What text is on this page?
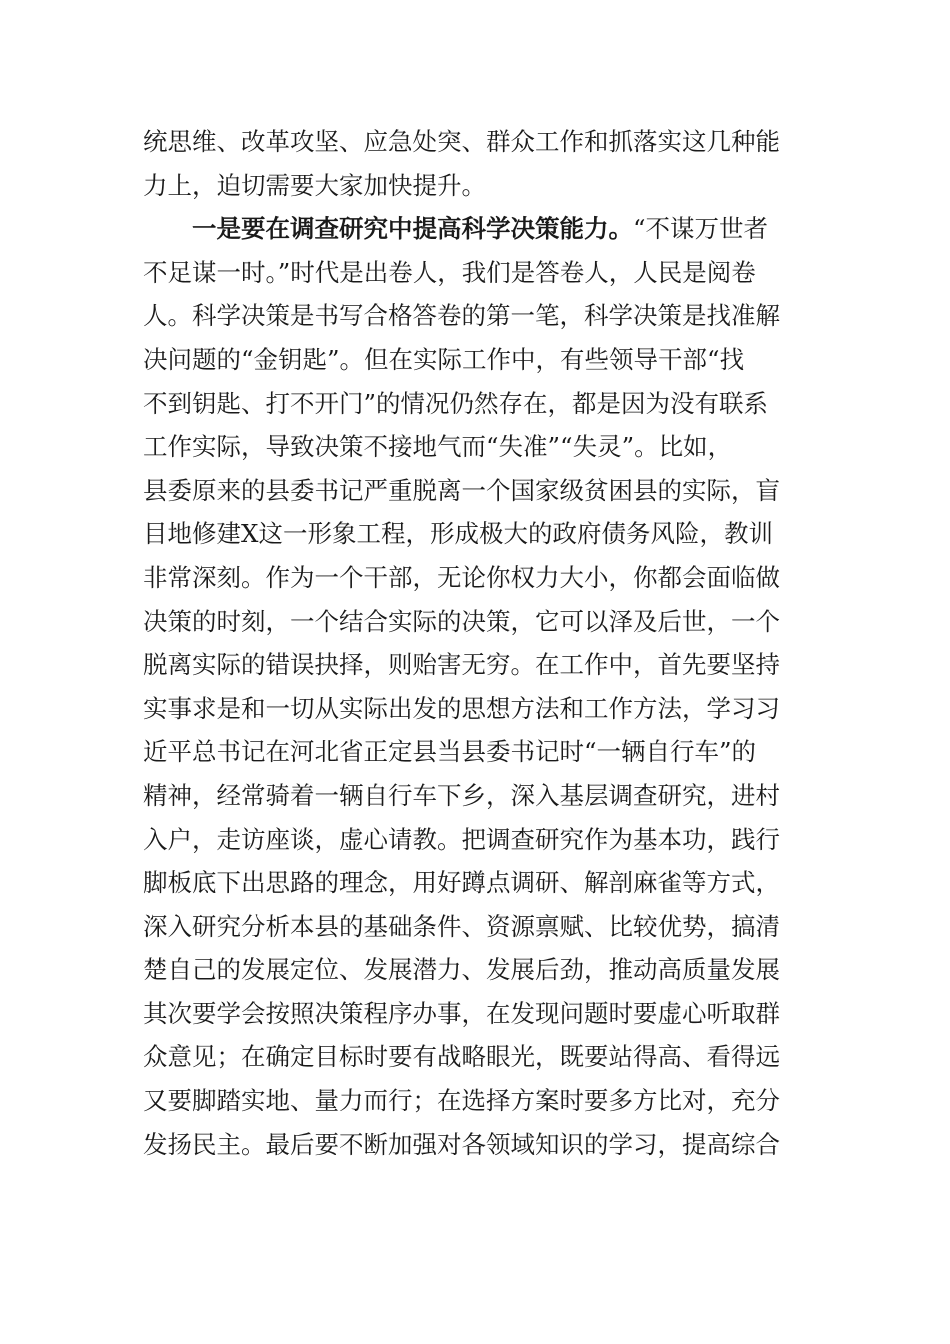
统思维、改革攻坚、应急处突、群众工作和抓落实这几种能
力上，迫切需要大家加快提升。
一是要在调查研究中提高科学决策能力。“不谋万世者
不足谋一时。”时代是出卷人，我们是答卷人，人民是阅卷
人。科学决策是书写合格答卷的第一笔，科学决策是找准解
决问题的“金钥匙”。但在实际工作中，有些领导干部“找
不到钥匙、打不开门”的情况仍然存在，都是因为没有联系
工作实际，导致决策不接地气而“失准”“失灵”。比如，
县委原来的县委书记严重脱离一个国家级贫困县的实际，盲
目地修建X这一形象工程，形成极大的政府债务风险，教训
非常深刻。作为一个干部，无论你权力大小，你都会面临做
决策的时刻，一个结合实际的决策，它可以泽及后世，一个
脱离实际的错误抉择，则贻害无穷。在工作中，首先要坚持
实事求是和一切从实际出发的思想方法和工作方法，学习习
近平总书记在河北省正定县当县委书记时“一辆自行车”的
精神，经常骑着一辆自行车下乡，深入基层调查研究，进村
入户，走访座谈，虚心请教。把调查研究作为基本功，践行
脚板底下出思路的理念，用好蹲点调研、解剖麻雀等方式，
深入研究分析本县的基础条件、资源禀赋、比较优势，搞清
楚自己的发展定位、发展潜力、发展后劲，推动高质量发展
其次要学会按照决策程序办事，在发现问题时要虚心听取群
众意见；在确定目标时要有战略眼光，既要站得高、看得远
又要脚踏实地、量力而行；在选择方案时要多方比对，充分
发扬民主。最后要不断加强对各领域知识的学习，提高综合
